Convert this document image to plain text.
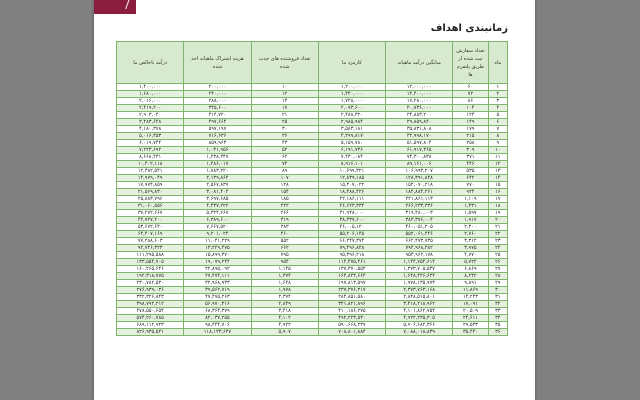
زمانبندی اهداف
ماه	تعداد سفارش ثبت شده از طریق پلتفرم ها	میانگین درآمد ماهیانه	کارمزد ما	تعداد فروشنده های جذب شده	هزینه اشتراک ماهیانه اخذ شده	درآمد ناخالص ما
۱	۶۰	۱۲,۰۰۰,۰۰۰	۱,۲۰۰,۰۰۰	۱۰	۲۰۰,۰۰۰	۱,۴۰۰,۰۰۰
۲	۷۲	۱۴,۴۰۰,۰۰۰	۱,۴۴۰,۰۰۰	۱۲	۲۴۰,۰۰۰	۱,۶۸۰,۰۰۰
۳	۸۶	۱۷,۲۸۰,۰۰۰	۱,۷۲۸,۰۰۰	۱۴	۲۸۸,۰۰۰	۲,۰۱۶,۰۰۰
۴	۱۰۴	۲۰,۷۳۶,۰۰۰	۲,۰۷۳,۶۰۰	۱۷	۳۴۵,۶۰۰	۲,۴۱۹,۲۰۰
۵	۱۲۴	۲۴,۸۸۳,۲۰۰	۲,۴۸۸,۳۲۰	۲۱	۴۱۴,۷۲۰	۲,۹۰۳,۰۴۰
۶	۱۴۹	۲۹,۸۵۹,۸۴۰	۲,۹۸۵,۹۸۴	۲۵	۴۹۷,۶۶۴	۳,۴۸۳,۶۴۸
۷	۱۷۹	۳۵,۸۳۱,۸۰۸	۳,۵۸۳,۱۸۱	۳۰	۵۹۷,۱۹۷	۴,۱۸۰,۳۷۸
۸	۲۱۵	۴۲,۹۹۸,۱۷۰	۴,۲۹۹,۸۱۷	۳۶	۷۱۶,۶۳۶	۵,۰۱۶,۴۵۳
۹	۲۵۸	۵۱,۵۹۷,۸۰۴	۵,۱۵۹,۷۸۰	۴۳	۸۵۹,۹۶۳	۶,۰۱۹,۷۴۴
۱۰	۳۰۹	۶۱,۹۱۷,۳۶۵	۶,۱۹۱,۷۳۶	۵۲	۱,۰۳۱,۹۵۶	۷,۲۲۳,۶۹۲
۱۱	۳۷۱	۷۴,۳۰۰,۸۳۸	۷,۴۳۰,۰۸۴	۶۲	۱,۲۳۸,۳۴۷	۸,۶۶۸,۴۳۱
۱۲	۴۴۶	۸۹,۱۶۱,۰۰۶	۸,۹۱۶,۱۰۱	۷۴	۱,۴۸۶,۰۱۷	۱۰,۴۰۲,۱۱۸
۱۳	۵۳۵	۱۰۶,۹۹۳,۲۰۷	۱۰,۶۹۹,۳۲۱	۸۹	۱,۷۸۳,۲۲۰	۱۲,۴۸۲,۵۴۱
۱۴	۶۴۲	۱۲۸,۳۹۱,۸۴۸	۱۲,۸۳۹,۱۸۵	۱۰۷	۲,۱۳۹,۸۶۴	۱۴,۹۷۹,۰۴۹
۱۵	۷۷۰	۱۵۴,۰۷۰,۲۱۸	۱۵,۴۰۷,۰۲۲	۱۲۸	۲,۵۶۷,۸۳۷	۱۷,۹۷۴,۸۵۹
۱۶	۹۲۴	۱۸۴,۸۸۴,۲۶۱	۱۸,۴۸۸,۴۲۶	۱۵۴	۳,۰۸۱,۴۰۴	۲۱,۵۶۹,۸۳۰
۱۷	۱,۱۰۹	۲۲۱,۸۶۱,۱۱۳	۲۲,۱۸۶,۱۱۱	۱۸۵	۳,۶۹۷,۶۸۵	۲۵,۸۸۳,۷۹۶
۱۸	۱,۳۳۱	۲۶۶,۲۳۳,۳۳۶	۲۶,۶۲۳,۳۳۴	۲۲۲	۴,۴۳۷,۲۲۲	۳۱,۰۶۰,۵۵۶
۱۹	۱,۵۹۷	۳۱۹,۴۸۰,۰۰۳	۳۱,۹۴۸,۰۰۰	۲۶۶	۵,۳۲۴,۶۶۷	۳۷,۲۷۲,۶۶۷
۲۰	۱,۹۱۷	۳۸۳,۳۷۶,۰۰۴	۳۸,۳۳۷,۶۰۰	۳۱۹	۶,۳۸۹,۶۰۰	۴۴,۷۲۷,۲۰۰
۲۱	۲,۳۰۰	۴۶۰,۰۵۱,۲۰۵	۴۶,۰۰۵,۱۲۰	۳۸۳	۷,۶۶۷,۵۲۰	۵۳,۶۷۲,۶۴۰
۲۲	۲,۷۶۰	۵۵۲,۰۶۱,۴۴۶	۵۵,۲۰۶,۱۴۵	۴۶۰	۹,۲۰۱,۰۲۴	۶۴,۴۰۷,۱۶۹
۲۳	۳,۳۱۲	۶۶۲,۴۷۳,۷۳۵	۶۶,۲۴۷,۳۷۴	۵۵۲	۱۱,۰۴۱,۲۲۹	۷۷,۲۸۸,۶۰۳
۲۴	۳,۹۷۵	۷۹۴,۹۶۸,۴۸۲	۷۹,۴۹۶,۸۴۸	۶۶۲	۱۳,۲۴۹,۴۷۵	۹۲,۷۴۶,۳۲۳
۲۵	۴,۷۷۰	۹۵۳,۹۶۲,۱۷۸	۹۵,۳۹۶,۲۱۸	۷۹۵	۱۵,۸۹۹,۳۷۰	۱۱۱,۲۹۵,۵۸۸
۲۶	۵,۷۲۴	۱,۱۴۴,۷۵۴,۶۱۴	۱۱۴,۴۷۵,۴۶۱	۹۵۴	۱۹,۰۷۹,۲۴۴	۱۳۳,۵۵۴,۷۰۵
۲۷	۶,۸۶۹	۱,۳۷۳,۷۰۵,۵۳۷	۱۳۷,۳۷۰,۵۵۴	۱,۱۴۵	۲۲,۸۹۵,۰۹۲	۱۶۰,۲۶۵,۶۴۶
۲۸	۸,۲۴۲	۱,۶۴۸,۴۴۶,۶۴۴	۱۶۴,۸۴۴,۶۶۴	۱,۳۷۴	۲۷,۴۷۴,۱۱۱	۱۹۲,۳۱۸,۷۷۵
۲۹	۹,۸۹۱	۱,۹۷۸,۱۳۵,۹۷۳	۱۹۷,۸۱۳,۵۹۷	۱,۶۴۸	۳۲,۹۶۸,۹۳۳	۲۳۰,۷۸۲,۵۳۰
۳۰	۱۱,۸۶۹	۲,۳۷۳,۷۶۳,۱۶۸	۲۳۷,۳۷۶,۳۱۷	۱,۹۷۸	۳۹,۵۶۲,۷۱۹	۲۷۶,۹۳۹,۰۳۶
۳۱	۱۴,۲۴۳	۲,۸۴۸,۵۱۵,۸۰۱	۲۸۴,۸۵۱,۵۸۰	۲,۳۷۴	۴۷,۴۷۵,۲۶۳	۳۳۲,۳۲۶,۸۴۳
۳۲	۱۷,۰۹۱	۳,۴۱۸,۲۱۸,۹۶۲	۳۴۱,۸۲۱,۸۹۶	۲,۸۴۹	۵۶,۹۷۰,۳۱۶	۳۹۸,۷۹۲,۲۱۲
۳۳	۲۰,۵۰۹	۴,۱۰۱,۸۶۲,۷۵۴	۴۱۰,۱۸۶,۲۷۵	۳,۴۱۸	۶۸,۳۶۴,۳۷۹	۴۷۸,۵۵۰,۶۵۴
۳۴	۲۴,۶۱۱	۴,۹۲۲,۲۳۵,۳۰۵	۴۹۲,۲۲۳,۵۳۰	۴,۱۰۲	۸۲,۰۳۷,۲۵۵	۵۷۴,۲۶۰,۷۸۵
۳۵	۲۹,۵۳۳	۵,۹۰۶,۶۸۲,۳۶۶	۵۹۰,۶۶۸,۲۳۷	۴,۹۲۲	۹۸,۴۴۴,۷۰۶	۶۸۹,۱۱۲,۹۴۳
۳۶	۳۵,۴۴۰	۷,۰۸۸,۰۱۸,۸۳۹	۷۰۸,۸۰۱,۸۸۴	۵,۹۰۷	۱۱۸,۱۳۳,۶۴۷	۸۲۶,۹۳۵,۵۳۱
